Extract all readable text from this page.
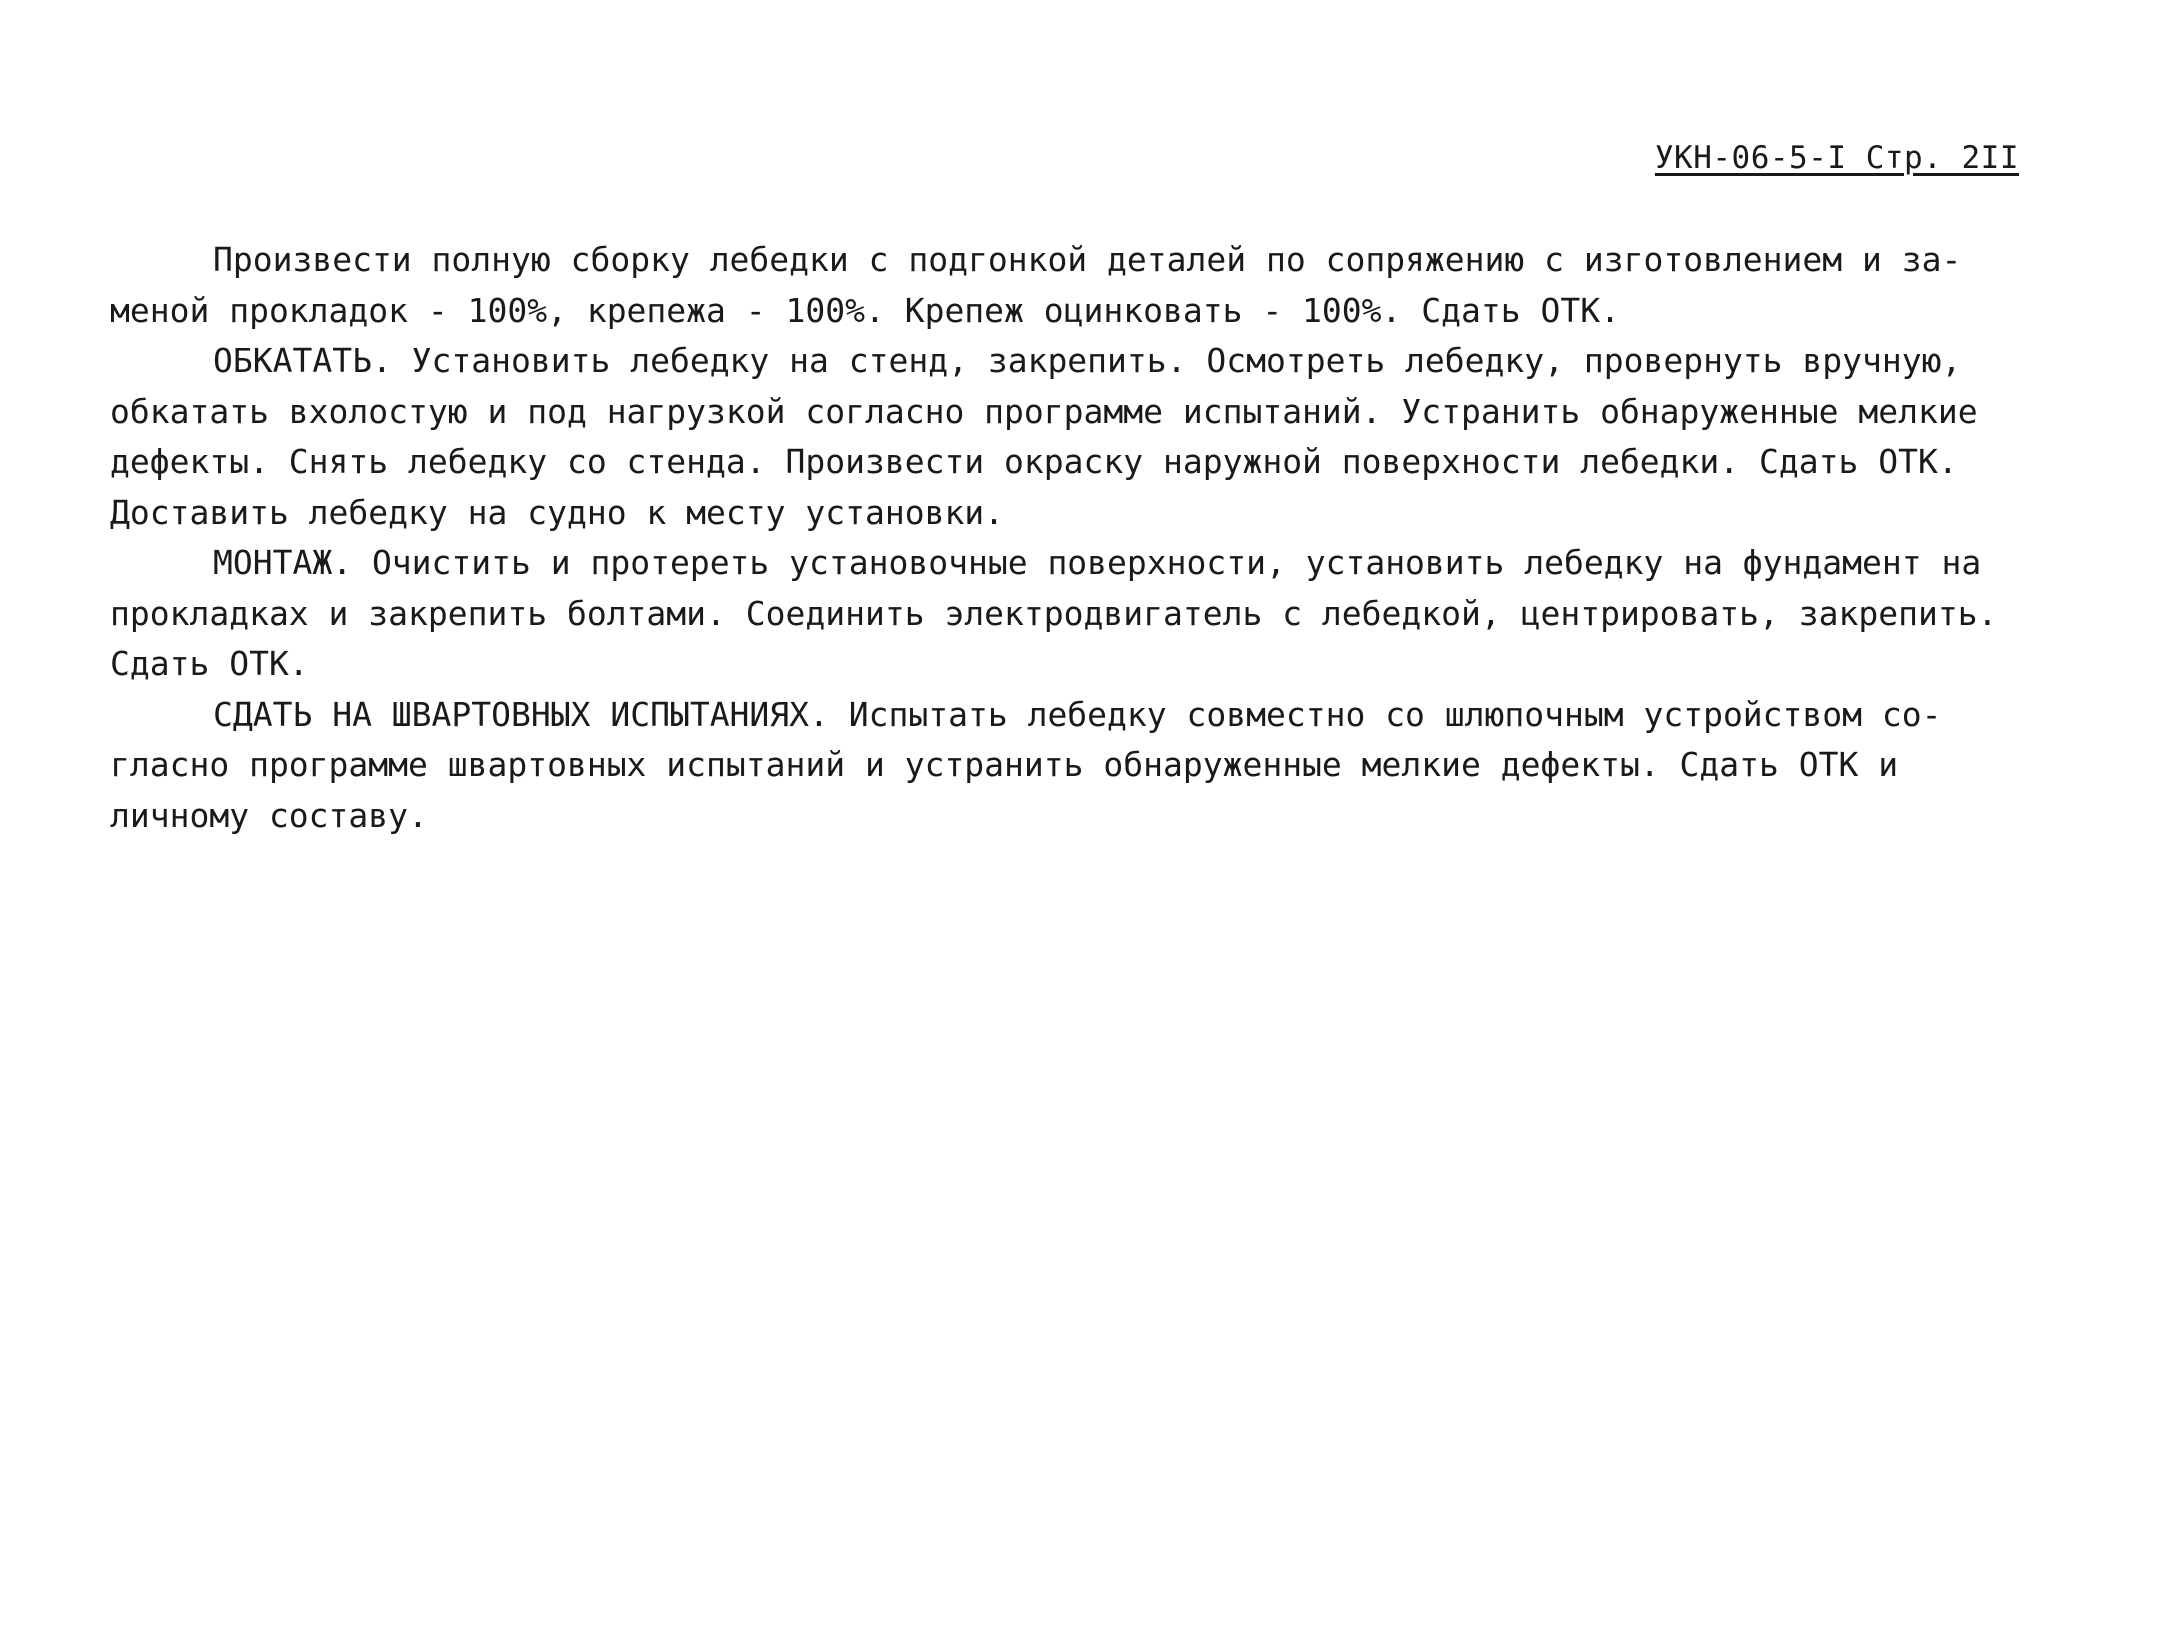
УКН-06-5-I Стр. 2II

Произвести полную сборку лебедки с подгонкой деталей по сопряжению с изготовлением и за-
меной прокладок - 100%, крепежа - 100%. Крепеж оцинковать - 100%. Сдать ОТК.

ОБКАТАТЬ. Установить лебедку на стенд, закрепить. Осмотреть лебедку, провернуть вручную,
обкатать вхолостую и под нагрузкой согласно программе испытаний. Устранить обнаруженные мелкие
дефекты. Снять лебедку со стенда. Произвести окраску наружной поверхности лебедки. Сдать ОТК.
Доставить лебедку на судно к месту установки.

МОНТАЖ. Очистить и протереть установочные поверхности, установить лебедку на фундамент на
прокладках и закрепить болтами. Соединить электродвигатель с лебедкой, центрировать, закрепить.
Сдать ОТК.

СДАТЬ НА ШВАРТОВНЫХ ИСПЫТАНИЯХ. Испытать лебедку совместно со шлюпочным устройством со-
гласно программе швартовных испытаний и устранить обнаруженные мелкие дефекты. Сдать ОТК и
личному составу.
